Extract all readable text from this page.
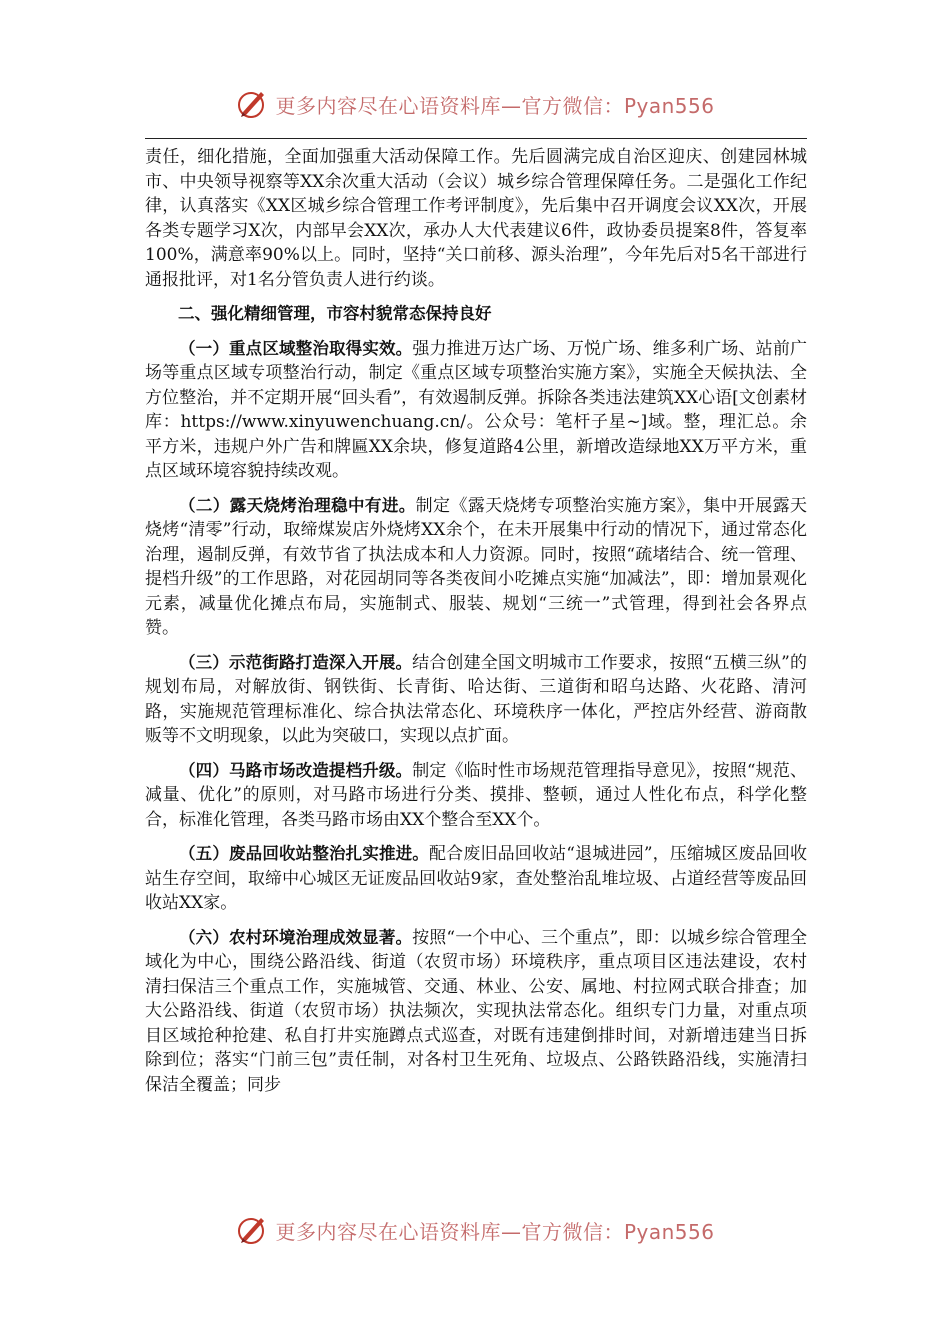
更多内容尽在心语资料库—官方微信：Pyan556

责任，细化措施，全面加强重大活动保障工作。先后圆满完成自治区迎庆、创建园林城市、中央领导视察等XX余次重大活动（会议）城乡综合管理保障任务。二是强化工作纪律，认真落实《XX区城乡综合管理工作考评制度》，先后集中召开调度会议XX次，开展各类专题学习X次，内部早会XX次，承办人大代表建议6件，政协委员提案8件，答复率100%，满意率90%以上。同时，坚持“关口前移、源头治理”，今年先后对5名干部进行通报批评，对1名分管负责人进行约谈。

二、强化精细管理，市容村貌常态保持良好

（一）重点区域整治取得实效。强力推进万达广场、万悦广场、维多利广场、站前广场等重点区域专项整治行动，制定《重点区域专项整治实施方案》，实施全天候执法、全方位整治，并不定期开展“回头看”，有效遏制反弹。拆除各类违法建筑XX心语[文创素材库：https://www.xinyuwenchuang.cn/。公众号：笔杆子星~]域。整，理汇总。余平方米，违规户外广告和牌匾XX余块，修复道路4公里，新增改造绿地XX万平方米，重点区域环境容貌持续改观。

（二）露天烧烤治理稳中有进。制定《露天烧烤专项整治实施方案》，集中开展露天烧烤“清零”行动，取缔煤炭店外烧烤XX余个，在未开展集中行动的情况下，通过常态化治理，遏制反弹，有效节省了执法成本和人力资源。同时，按照“疏堵结合、统一管理、提档升级”的工作思路，对花园胡同等各类夜间小吃摊点实施“加减法”，即：增加景观化元素，减量优化摊点布局，实施制式、服装、规划“三统一”式管理，得到社会各界点赞。

（三）示范街路打造深入开展。结合创建全国文明城市工作要求，按照“五横三纵”的规划布局，对解放街、钢铁街、长青街、哈达街、三道街和昭乌达路、火花路、清河路，实施规范管理标准化、综合执法常态化、环境秩序一体化，严控店外经营、游商散贩等不文明现象，以此为突破口，实现以点扩面。

（四）马路市场改造提档升级。制定《临时性市场规范管理指导意见》，按照“规范、减量、优化”的原则，对马路市场进行分类、摸排、整顿，通过人性化布点，科学化整合，标准化管理，各类马路市场由XX个整合至XX个。

（五）废品回收站整治扎实推进。配合废旧品回收站“退城进园”，压缩城区废品回收站生存空间，取缔中心城区无证废品回收站9家，查处整治乱堆垃圾、占道经营等废品回收站XX家。

（六）农村环境治理成效显著。按照“一个中心、三个重点”，即：以城乡综合管理全域化为中心，围绕公路沿线、街道（农贸市场）环境秩序，重点项目区违法建设，农村清扫保洁三个重点工作，实施城管、交通、林业、公安、属地、村拉网式联合排查；加大公路沿线、街道（农贸市场）执法频次，实现执法常态化。组织专门力量，对重点项目区域抢种抢建、私自打井实施蹲点式巡查，对既有违建倒排时间，对新增违建当日拆除到位；落实“门前三包”责任制，对各村卫生死角、垃圾点、公路铁路沿线，实施清扫保洁全覆盖；同步

更多内容尽在心语资料库—官方微信：Pyan556
